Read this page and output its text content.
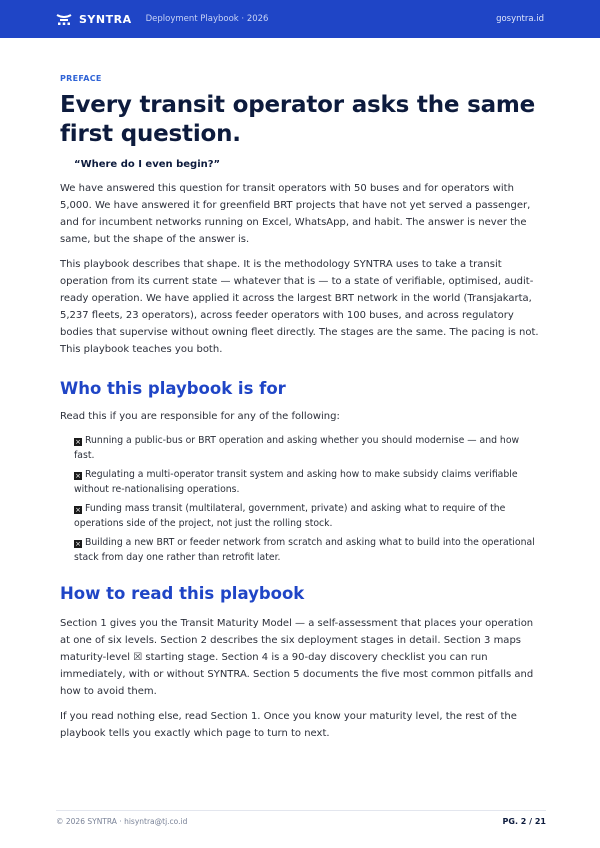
SYNTRA Deployment Playbook · 2026	gosyntra.id
PREFACE
Every transit operator asks the same first question.
“Where do I even begin?”

We have answered this question for transit operators with 50 buses and for operators with 5,000. We have answered it for greenfield BRT projects that have not yet served a passenger, and for incumbent networks running on Excel, WhatsApp, and habit. The answer is never the same, but the shape of the answer is.

This playbook describes that shape. It is the methodology SYNTRA uses to take a transit operation from its current state — whatever that is — to a state of verifiable, optimised, audit-ready operation. We have applied it across the largest BRT network in the world (Transjakarta, 5,237 fleets, 23 operators), across feeder operators with 100 buses, and across regulatory bodies that supervise without owning fleet directly. The stages are the same. The pacing is not. This playbook teaches you both.

Who this playbook is for

Read this if you are responsible for any of the following:

× Running a public-bus or BRT operation and asking whether you should modernise — and how fast.
× Regulating a multi-operator transit system and asking how to make subsidy claims verifiable without re-nationalising operations.
× Funding mass transit (multilateral, government, private) and asking what to require of the operations side of the project, not just the rolling stock.
× Building a new BRT or feeder network from scratch and asking what to build into the operational stack from day one rather than retrofit later.
How to read this playbook

Section 1 gives you the Transit Maturity Model — a self-assessment that places your operation at one of six levels. Section 2 describes the six deployment stages in detail. Section 3 maps maturity-level ☒ starting stage. Section 4 is a 90-day discovery checklist you can run immediately, with or without SYNTRA. Section 5 documents the five most common pitfalls and how to avoid them.

If you read nothing else, read Section 1. Once you know your maturity level, the rest of the playbook tells you exactly which page to turn to next.

© 2026 SYNTRA · hisyntra@tj.co.id	PG. 2 / 21
